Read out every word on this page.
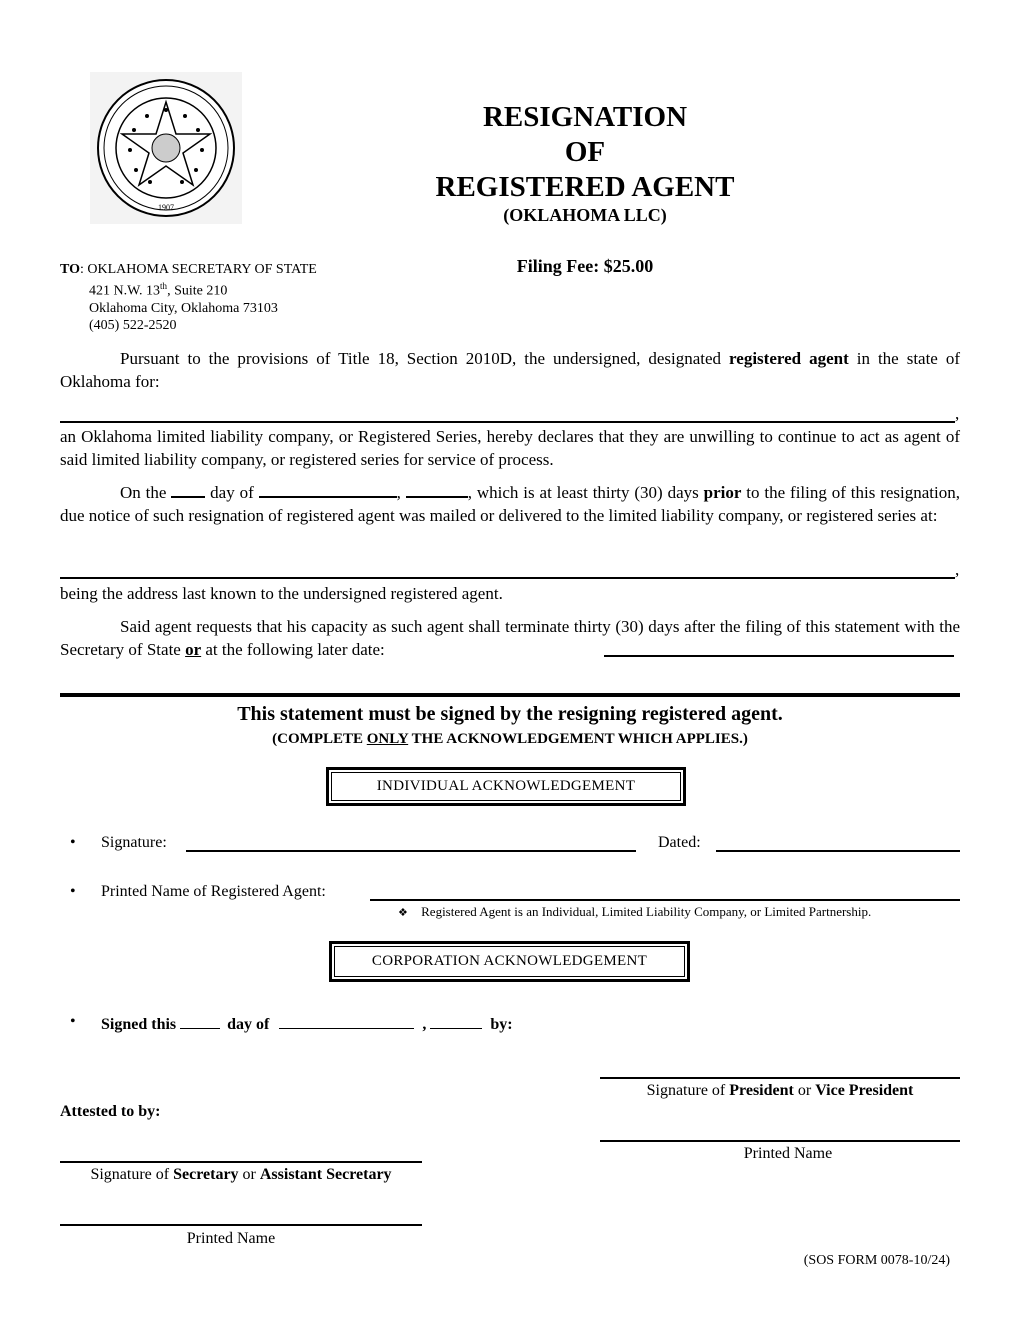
1907
RESIGNATION
OF
REGISTERED AGENT
(OKLAHOMA LLC)
Filing Fee: $25.00
TO: OKLAHOMA SECRETARY OF STATE
421 N.W. 13th, Suite 210
Oklahoma City, Oklahoma 73103
(405) 522-2520
Pursuant to the provisions of Title 18, Section 2010D, the undersigned, designated registered agent in the state of Oklahoma for:
,
an Oklahoma limited liability company, or Registered Series, hereby declares that they are unwilling to continue to act as agent of said limited liability company, or registered series for service of process.
On the	day of	,	, which is at least thirty (30) days prior to the filing of this resignation, due notice of such resignation of registered agent was mailed or delivered to the limited liability company, or registered series at:
,
being the address last known to the undersigned registered agent.
Said agent requests that his capacity as such agent shall terminate thirty (30) days after the filing of this statement with the Secretary of State or at the following later date:
This statement must be signed by the resigning registered agent.
(COMPLETE ONLY THE ACKNOWLEDGEMENT WHICH APPLIES.)
INDIVIDUAL ACKNOWLEDGEMENT
• Signature:	Dated:
• Printed Name of Registered Agent:
❖ Registered Agent is an Individual, Limited Liability Company, or Limited Partnership.
CORPORATION ACKNOWLEDGEMENT
• Signed this	day of	,	by:
Signature of President or Vice President
Printed Name
Attested to by:
Signature of Secretary or Assistant Secretary
Printed Name
(SOS FORM 0078-10/24)
